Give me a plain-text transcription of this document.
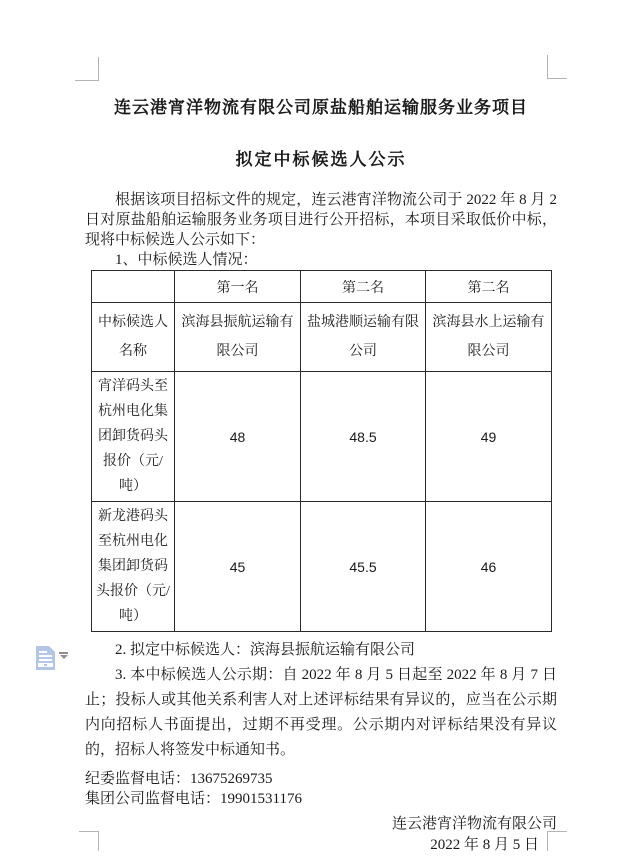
连云港宵洋物流有限公司原盐船舶运输服务业务项目
拟定中标候选人公示

根据该项目招标文件的规定，连云港宵洋物流公司于 2022 年 8 月 2 日对原盐船舶运输服务业务项目进行公开招标，本项目采取低价中标，现将中标候选人公示如下：

1、中标候选人情况：

	第一名	第二名	第二名
中标候选人名称	滨海县振航运输有限公司	盐城港顺运输有限公司	滨海县水上运输有限公司
宵洋码头至杭州电化集团卸货码头报价（元/吨）	48	48.5	49
新龙港码头至杭州电化集团卸货码头报价（元/吨）	45	45.5	46

2. 拟定中标候选人：滨海县振航运输有限公司

3. 本中标候选人公示期：自 2022 年 8 月 5 日起至 2022 年 8 月 7 日止；投标人或其他关系利害人对上述评标结果有异议的，应当在公示期内向招标人书面提出，过期不再受理。公示期内对评标结果没有异议的，招标人将签发中标通知书。

纪委监督电话：13675269735

集团公司监督电话：19901531176

连云港宵洋物流有限公司

2022 年 8 月 5 日
